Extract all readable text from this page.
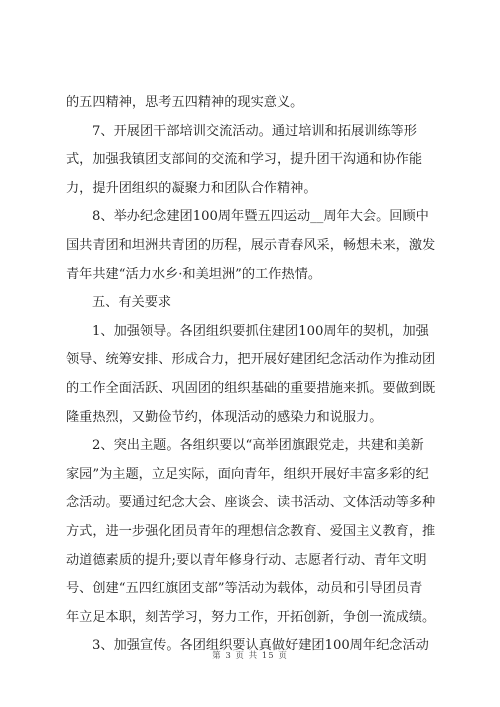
的五四精神，思考五四精神的现实意义。
7、开展团干部培训交流活动。通过培训和拓展训练等形
式，加强我镇团支部间的交流和学习，提升团干沟通和协作能
力，提升团组织的凝聚力和团队合作精神。
8、举办纪念建团100周年暨五四运动__周年大会。回顾中
国共青团和坦洲共青团的历程，展示青春风采，畅想未来，激发
青年共建“活力水乡·和美坦洲”的工作热情。
五、有关要求
1、加强领导。各团组织要抓住建团100周年的契机，加强
领导、统筹安排、形成合力，把开展好建团纪念活动作为推动团
的工作全面活跃、巩固团的组织基础的重要措施来抓。要做到既
隆重热烈，又勤俭节约，体现活动的感染力和说服力。
2、突出主题。各组织要以“高举团旗跟党走，共建和美新
家园”为主题，立足实际，面向青年，组织开展好丰富多彩的纪
念活动。要通过纪念大会、座谈会、读书活动、文体活动等多种
方式，进一步强化团员青年的理想信念教育、爱国主义教育，推
动道德素质的提升;要以青年修身行动、志愿者行动、青年文明
号、创建“五四红旗团支部”等活动为载体，动员和引导团员青
年立足本职，刻苦学习，努力工作，开拓创新，争创一流成绩。
3、加强宣传。各团组织要认真做好建团100周年纪念活动
第 3 页 共 15 页
